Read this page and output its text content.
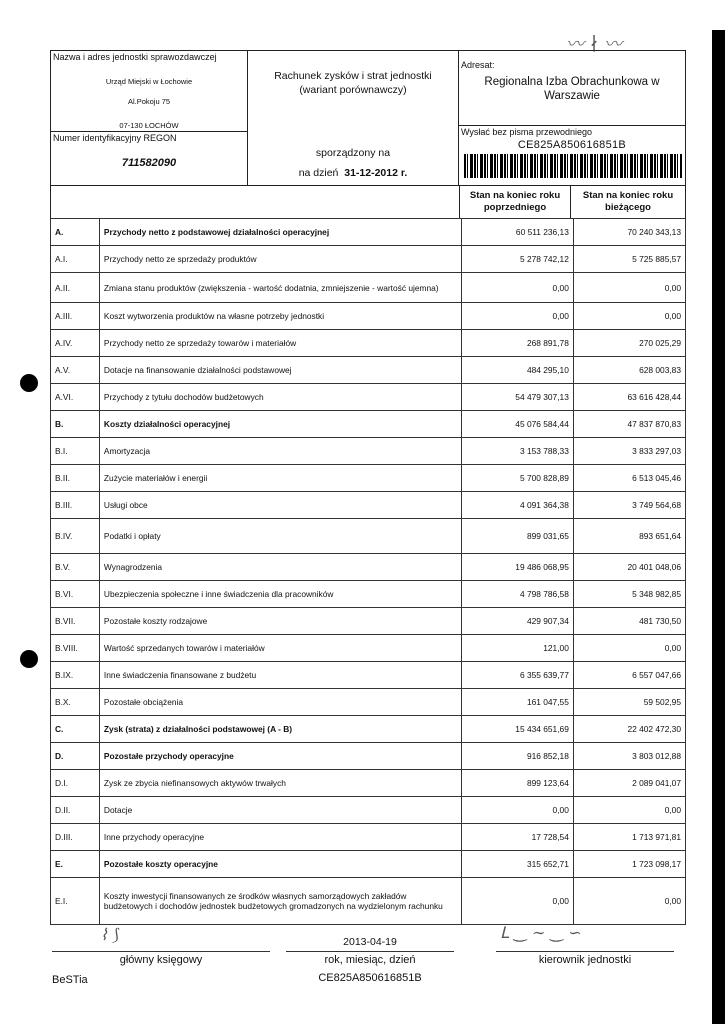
〰 ∤ 〰
Nazwa i adres jednostki sprawozdawczej
Urząd Miejski w Łochowie
Al.Pokoju 75
07-130 ŁOCHÓW
Numer identyfikacyjny REGON
711582090
Rachunek zysków i strat jednostki
(wariant porównawczy)
sporządzony na
na dzień 31-12-2012 r.
Adresat:
Regionalna Izba Obrachunkowa w
Warszawie
Wysłać bez pisma przewodniego
CE825A850616851B
Stan na koniec roku poprzedniego
Stan na koniec roku bieżącego
A.	Przychody netto z podstawowej działalności operacyjnej	60 511 236,13	70 240 343,13
A.I.	Przychody netto ze sprzedaży produktów	5 278 742,12	5 725 885,57
A.II.	Zmiana stanu produktów (zwiększenia - wartość dodatnia, zmniejszenie - wartość ujemna)	0,00	0,00
A.III.	Koszt wytworzenia produktów na własne potrzeby jednostki	0,00	0,00
A.IV.	Przychody netto ze sprzedaży towarów i materiałów	268 891,78	270 025,29
A.V.	Dotacje na finansowanie działalności podstawowej	484 295,10	628 003,83
A.VI.	Przychody z tytułu dochodów budżetowych	54 479 307,13	63 616 428,44
B.	Koszty działalności operacyjnej	45 076 584,44	47 837 870,83
B.I.	Amortyzacja	3 153 788,33	3 833 297,03
B.II.	Zużycie materiałów i energii	5 700 828,89	6 513 045,46
B.III.	Usługi obce	4 091 364,38	3 749 564,68
B.IV.	Podatki i opłaty	899 031,65	893 651,64
B.V.	Wynagrodzenia	19 486 068,95	20 401 048,06
B.VI.	Ubezpieczenia społeczne i inne świadczenia dla pracowników	4 798 786,58	5 348 982,85
B.VII.	Pozostałe koszty rodzajowe	429 907,34	481 730,50
B.VIII.	Wartość sprzedanych towarów i materiałów	121,00	0,00
B.IX.	Inne świadczenia finansowane z budżetu	6 355 639,77	6 557 047,66
B.X.	Pozostałe obciążenia	161 047,55	59 502,95
C.	Zysk (strata) z działalności podstawowej (A - B)	15 434 651,69	22 402 472,30
D.	Pozostałe przychody operacyjne	916 852,18	3 803 012,88
D.I.	Zysk ze zbycia niefinansowych aktywów trwałych	899 123,64	2 089 041,07
D.II.	Dotacje	0,00	0,00
D.III.	Inne przychody operacyjne	17 728,54	1 713 971,81
E.	Pozostałe koszty operacyjne	315 652,71	1 723 098,17
E.I.	Koszty inwestycji finansowanych ze środków własnych samorządowych zakładów budżetowych i dochodów jednostek budżetowych gromadzonych na wydzielonym rachunku	0,00	0,00
⌇ ⟆	ᒪ ‿ ∼ ‿ ∽
2013-04-19
główny księgowy	rok, miesiąc, dzień	kierownik jednostki
BeSTia	CE825A850616851B
